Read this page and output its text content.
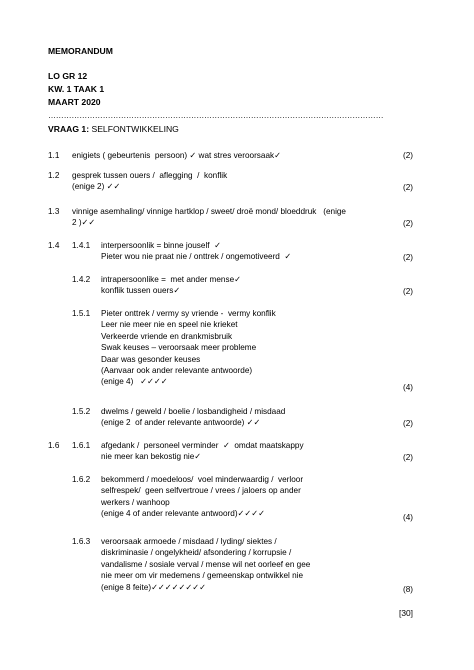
MEMORANDUM
LO GR 12
KW. 1 TAAK 1
MAART 2020
…………………………………………………………………………………………………………………
VRAAG 1: SELFONTWIKKELING
1.1 enigiets ( gebeurtenis  persoon) ✓ wat stres veroorsaak✓	(2)
1.2 gesprek tussen ouers /  aflegging  /  konflik
(enige 2) ✓✓	(2)
1.3 vinnige asemhaling/ vinnige hartklop / sweet/ droë mond/ bloeddruk   (enige
2 )✓✓	(2)
1.4 1.4.1 interpersoonlik = binne jouself  ✓
Pieter wou nie praat nie / onttrek / ongemotiveerd  ✓	(2)
1.4.2 intrapersoonlike =  met ander mense✓
konflik tussen ouers✓	(2)
1.5.1 Pieter onttrek / vermy sy vriende -  vermy konflik
Leer nie meer nie en speel nie krieket
Verkeerde vriende en drankmisbruik
Swak keuses – veroorsaak meer probleme
Daar was gesonder keuses
(Aanvaar ook ander relevante antwoorde)
(enige 4)   ✓✓✓✓
(4)
1.5.2 dwelms / geweld / boelie / losbandigheid / misdaad
(enige 2  of ander relevante antwoorde) ✓✓	(2)
1.6 1.6.1 afgedank /  personeel verminder  ✓  omdat maatskappy
nie meer kan bekostig nie✓	(2)
1.6.2 bekommerd / moedeloos/  voel minderwaardig /  verloor
selfrespek/  geen selfvertroue / vrees / jaloers op ander
werkers / wanhoop
(enige 4 of ander relevante antwoord)✓✓✓✓	(4)
1.6.3 veroorsaak armoede / misdaad / lyding/ siektes /
diskriminasie / ongelykheid/ afsondering / korrupsie /
vandalisme / sosiale verval / mense wil net oorleef en gee
nie meer om vir medemens / gemeenskap ontwikkel nie
(enige 8 feite)✓✓✓✓✓✓✓✓	(8)
[30]
